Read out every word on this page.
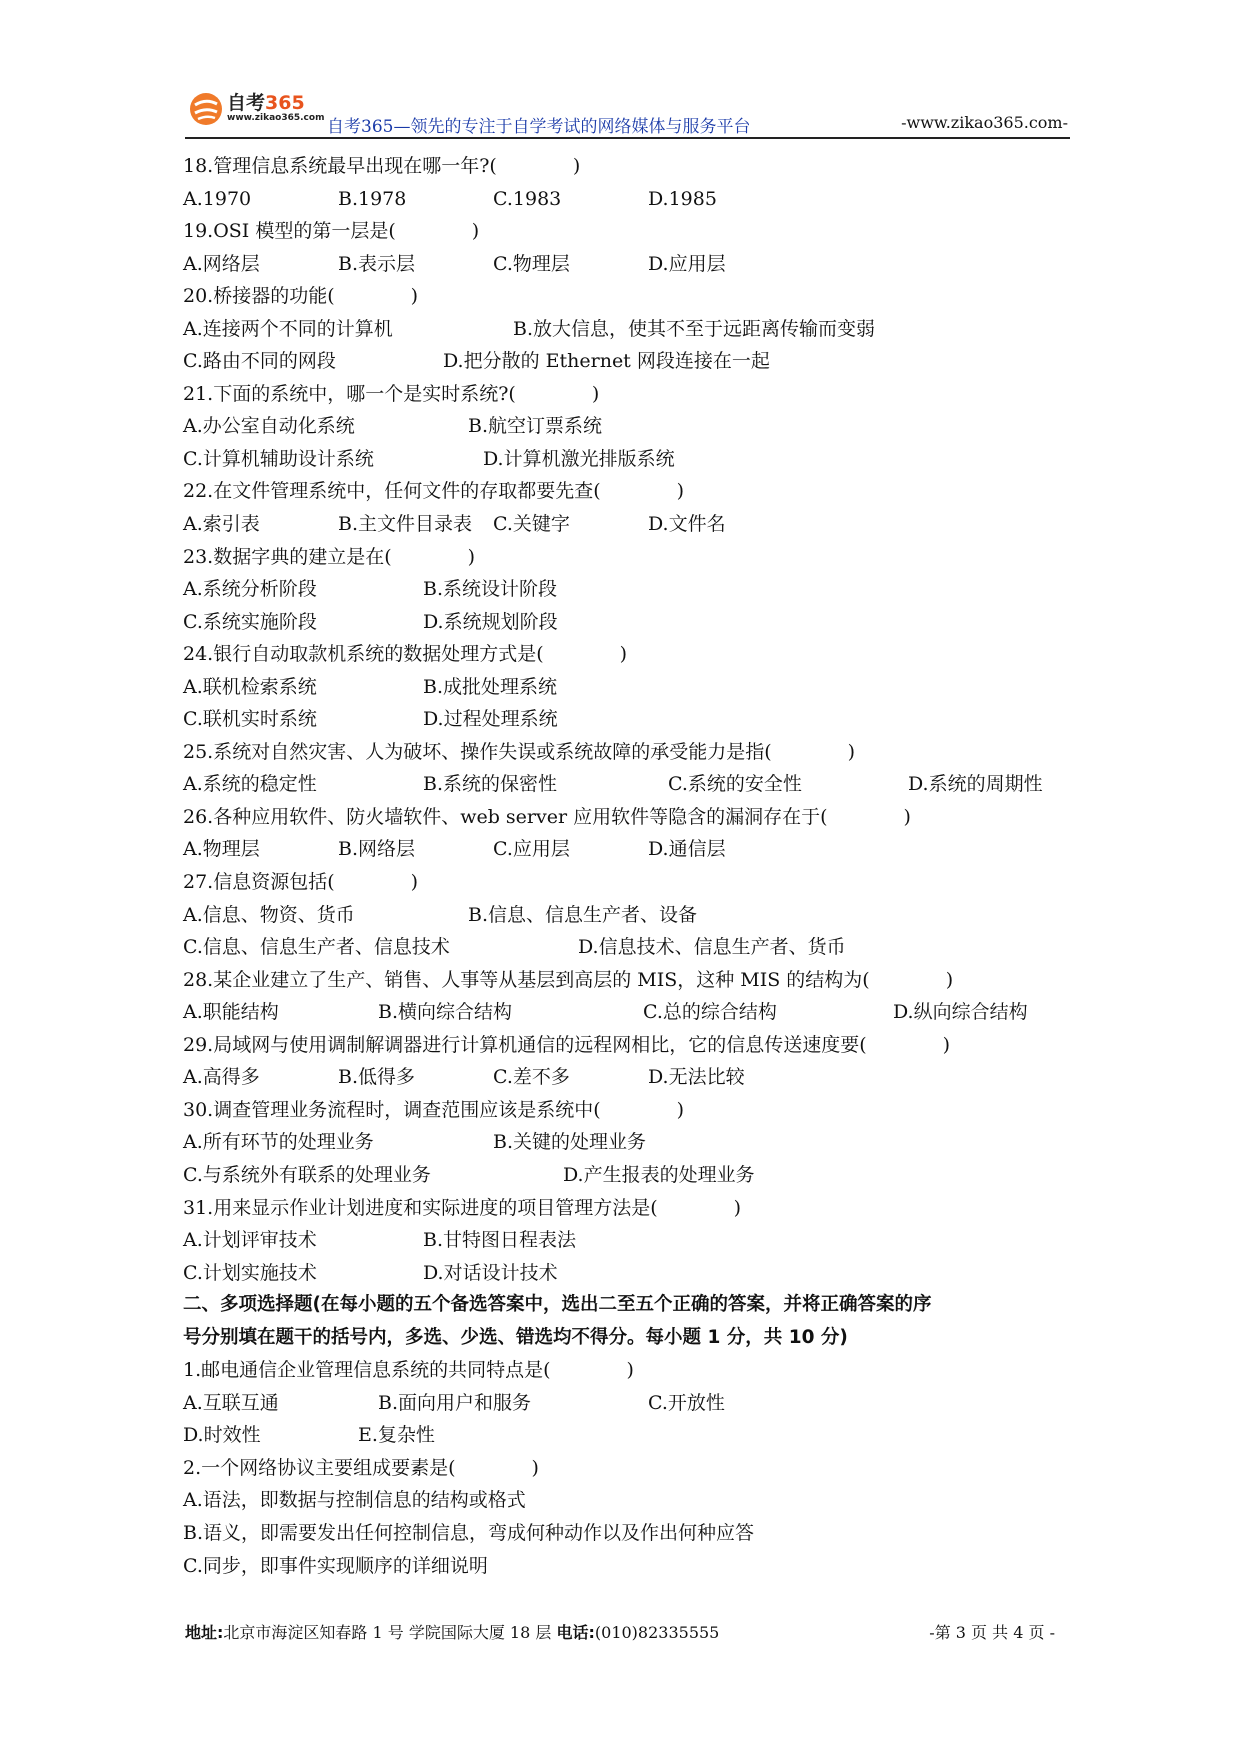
自考365
www.zikao365.com 自考365—领先的专注于自学考试的网络媒体与服务平台	-www.zikao365.com-
18.管理信息系统最早出现在哪一年?(　　　　)
A.1970	B.1978	C.1983	D.1985
19.OSI 模型的第一层是(　　　　)
A.网络层	B.表示层	C.物理层	D.应用层
20.桥接器的功能(　　　　)
A.连接两个不同的计算机	B.放大信息，使其不至于远距离传输而变弱
C.路由不同的网段	D.把分散的 Ethernet 网段连接在一起
21.下面的系统中，哪一个是实时系统?(　　　　)
A.办公室自动化系统	B.航空订票系统
C.计算机辅助设计系统	D.计算机激光排版系统
22.在文件管理系统中，任何文件的存取都要先查(　　　　)
A.索引表	B.主文件目录表 C.关键字	D.文件名
23.数据字典的建立是在(　　　　)
A.系统分析阶段	B.系统设计阶段
C.系统实施阶段	D.系统规划阶段
24.银行自动取款机系统的数据处理方式是(　　　　)
A.联机检索系统	B.成批处理系统
C.联机实时系统	D.过程处理系统
25.系统对自然灾害、人为破坏、操作失误或系统故障的承受能力是指(　　　　)
A.系统的稳定性	B.系统的保密性	C.系统的安全性	D.系统的周期性
26.各种应用软件、防火墙软件、web server 应用软件等隐含的漏洞存在于(　　　　)
A.物理层	B.网络层	C.应用层	D.通信层
27.信息资源包括(　　　　)
A.信息、物资、货币	B.信息、信息生产者、设备
C.信息、信息生产者、信息技术	D.信息技术、信息生产者、货币
28.某企业建立了生产、销售、人事等从基层到高层的 MIS，这种 MIS 的结构为(　　　　)
A.职能结构	B.横向综合结构	C.总的综合结构	D.纵向综合结构
29.局域网与使用调制解调器进行计算机通信的远程网相比，它的信息传送速度要(　　　　)
A.高得多	B.低得多	C.差不多	D.无法比较
30.调查管理业务流程时，调查范围应该是系统中(　　　　)
A.所有环节的处理业务	B.关键的处理业务
C.与系统外有联系的处理业务	D.产生报表的处理业务
31.用来显示作业计划进度和实际进度的项目管理方法是(　　　　)
A.计划评审技术	B.甘特图日程表法
C.计划实施技术	D.对话设计技术
二、多项选择题(在每小题的五个备选答案中，选出二至五个正确的答案，并将正确答案的序
号分别填在题干的括号内，多选、少选、错选均不得分。每小题 1 分，共 10 分)
1.邮电通信企业管理信息系统的共同特点是(　　　　)
A.互联互通	B.面向用户和服务	C.开放性
D.时效性	E.复杂性
2.一个网络协议主要组成要素是(　　　　)
A.语法，即数据与控制信息的结构或格式
B.语义，即需要发出任何控制信息，弯成何种动作以及作出何种应答
C.同步，即事件实现顺序的详细说明
地址:北京市海淀区知春路 1 号 学院国际大厦 18 层 电话:(010)82335555	-第 3 页 共 4 页 -
